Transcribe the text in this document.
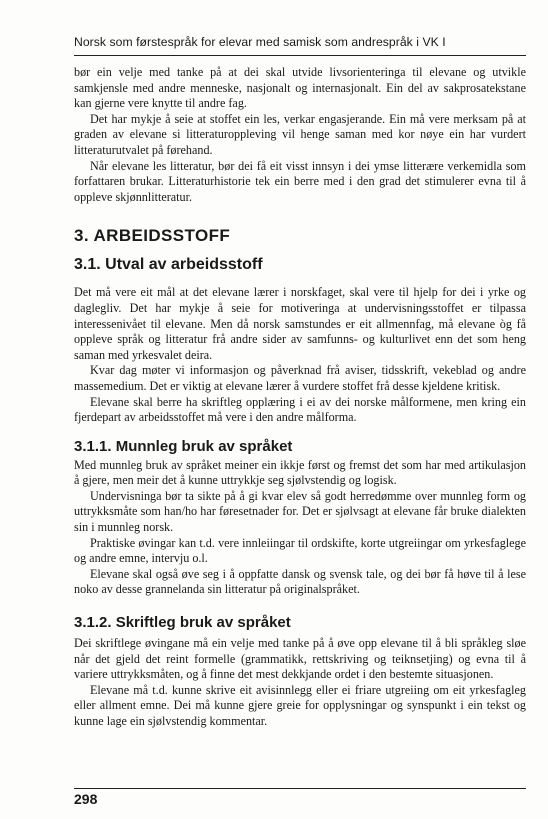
Norsk som førstespråk for elevar med samisk som andrespråk i VK I

bør ein velje med tanke på at dei skal utvide livsorienteringa til elevane og utvikle samkjensle med andre menneske, nasjonalt og internasjonalt. Ein del av sakprosatekstane kan gjerne vere knytte til andre fag.

Det har mykje å seie at stoffet ein les, verkar engasjerande. Ein må vere merksam på at graden av elevane si litteraturoppleving vil henge saman med kor nøye ein har vurdert litteraturutvalet på førehand.

Når elevane les litteratur, bør dei få eit visst innsyn i dei ymse litterære verkemidla som forfattaren brukar. Litteraturhistorie tek ein berre med i den grad det stimulerer evna til å oppleve skjønnlitteratur.

3. ARBEIDSSTOFF
3.1. Utval av arbeidsstoff

Det må vere eit mål at det elevane lærer i norskfaget, skal vere til hjelp for dei i yrke og daglegliv. Det har mykje å seie for motiveringa at undervisningsstoffet er tilpassa interessenivået til elevane. Men då norsk samstundes er eit allmennfag, må elevane òg få oppleve språk og litteratur frå andre sider av samfunns- og kulturlivet enn det som heng saman med yrkesvalet deira.

Kvar dag møter vi informasjon og påverknad frå aviser, tidsskrift, vekeblad og andre massemedium. Det er viktig at elevane lærer å vurdere stoffet frå desse kjeldene kritisk.

Elevane skal berre ha skriftleg opplæring i ei av dei norske målformene, men kring ein fjerdepart av arbeidsstoffet må vere i den andre målforma.

3.1.1. Munnleg bruk av språket

Med munnleg bruk av språket meiner ein ikkje først og fremst det som har med artikulasjon å gjere, men meir det å kunne uttrykkje seg sjølvstendig og logisk.

Undervisninga bør ta sikte på å gi kvar elev så godt herredømme over munnleg form og uttrykksmåte som han/ho har føresetnader for. Det er sjølvsagt at elevane får bruke dialekten sin i munnleg norsk.

Praktiske øvingar kan t.d. vere innleiingar til ordskifte, korte utgreiingar om yrkesfaglege og andre emne, intervju o.l.

Elevane skal også øve seg i å oppfatte dansk og svensk tale, og dei bør få høve til å lese noko av desse grannelanda sin litteratur på originalspråket.

3.1.2. Skriftleg bruk av språket

Dei skriftlege øvingane må ein velje med tanke på å øve opp elevane til å bli språkleg sløe når det gjeld det reint formelle (grammatikk, rettskriving og teiknsetjing) og evna til å variere uttrykksmåten, og å finne det mest dekkjande ordet i den bestemte situasjonen.

Elevane må t.d. kunne skrive eit avisinnlegg eller ei friare utgreiing om eit yrkesfagleg eller allment emne. Dei må kunne gjere greie for opplysningar og synspunkt i ein tekst og kunne lage ein sjølvstendig kommentar.

298
